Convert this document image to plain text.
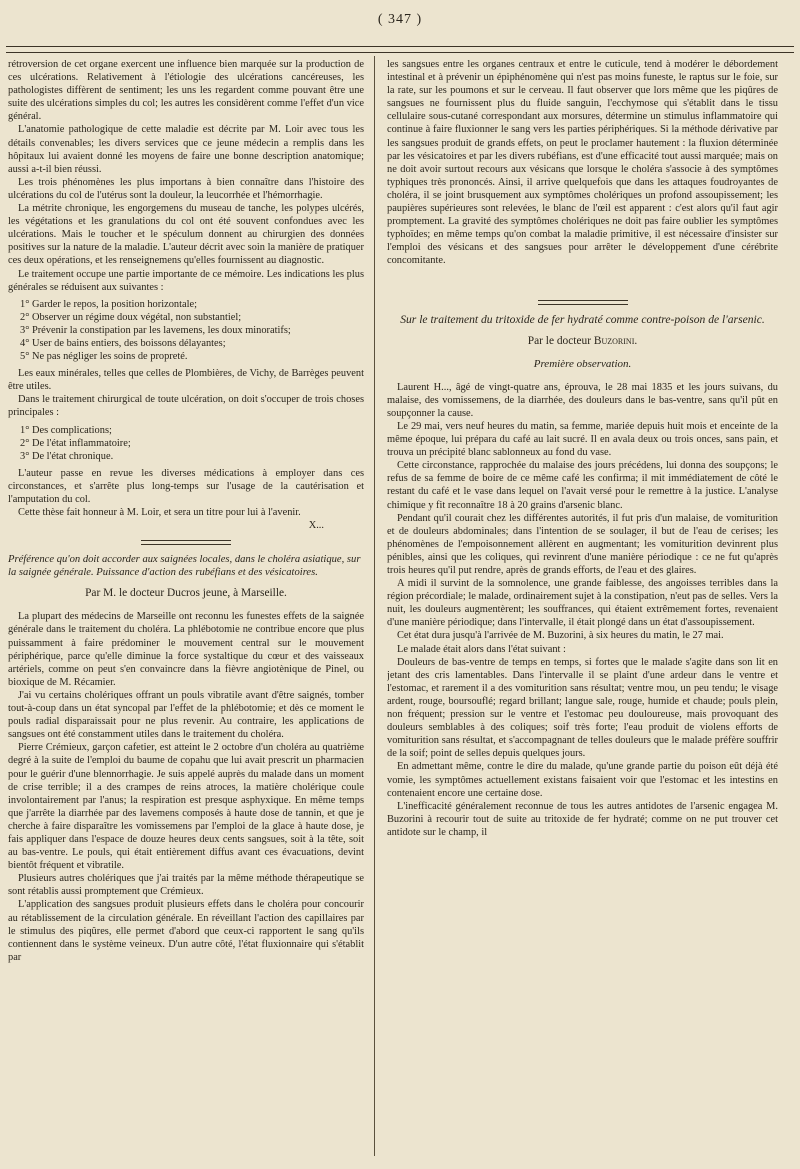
( 347 )

rétroversion de cet organe exercent une influence bien marquée sur la production de ces ulcérations. Relativement à l'étiologie des ulcérations cancéreuses, les pathologistes diffèrent de sentiment; les uns les regardent comme pouvant être une suite des ulcérations simples du col; les autres les considèrent comme l'effet d'un vice général.

L'anatomie pathologique de cette maladie est décrite par M. Loir avec tous les détails convenables; les divers services que ce jeune médecin a remplis dans les hôpitaux lui avaient donné les moyens de faire une bonne description anatomique; aussi a-t-il bien réussi.

Les trois phénomènes les plus importans à bien connaître dans l'histoire des ulcérations du col de l'utérus sont la douleur, la leucorrhée et l'hémorrhagie.

La métrite chronique, les engorgemens du museau de tanche, les polypes ulcérés, les végétations et les granulations du col ont été souvent confondues avec les ulcérations. Mais le toucher et le spéculum donnent au chirurgien des données positives sur la nature de la maladie. L'auteur décrit avec soin la manière de pratiquer ces deux opérations, et les renseignemens qu'elles fournissent au diagnostic.

Le traitement occupe une partie importante de ce mémoire. Les indications les plus générales se réduisent aux suivantes :

1° Garder le repos, la position horizontale;
2° Observer un régime doux végétal, non substantiel;
3° Prévenir la constipation par les lavemens, les doux minoratifs;
4° User de bains entiers, des boissons délayantes;
5° Ne pas négliger les soins de propreté.

Les eaux minérales, telles que celles de Plombières, de Vichy, de Barrèges peuvent être utiles.

Dans le traitement chirurgical de toute ulcération, on doit s'occuper de trois choses principales :

1° Des complications;
2° De l'état inflammatoire;
3° De l'état chronique.

L'auteur passe en revue les diverses médications à employer dans ces circonstances, et s'arrête plus long-temps sur l'usage de la cautérisation et l'amputation du col.

Cette thèse fait honneur à M. Loir, et sera un titre pour lui à l'avenir.

X...
Préférence qu'on doit accorder aux saignées locales, dans le choléra asiatique, sur la saignée générale. Puissance d'action des rubéfians et des vésicatoires.
Par M. le docteur Ducros jeune, à Marseille.

La plupart des médecins de Marseille ont reconnu les funestes effets de la saignée générale dans le traitement du choléra. La phlébotomie ne contribue encore que plus puissamment à faire prédominer le mouvement central sur le mouvement périphérique, parce qu'elle diminue la force systaltique du cœur et des vaisseaux artériels, comme on peut s'en convaincre dans la fièvre angiotènique de Pinel, ou bioxique de M. Récamier.

J'ai vu certains cholériques offrant un pouls vibratile avant d'être saignés, tomber tout-à-coup dans un état syncopal par l'effet de la phlébotomie; et dès ce moment le pouls radial disparaissait pour ne plus revenir. Au contraire, les applications de sangsues ont été constamment utiles dans le traitement du choléra.

Pierre Crémieux, garçon cafetier, est atteint le 2 octobre d'un choléra au quatrième degré à la suite de l'emploi du baume de copahu que lui avait prescrit un pharmacien pour le guérir d'une blennorrhagie. Je suis appelé auprès du malade dans un moment de crise terrible; il a des crampes de reins atroces, la matière cholérique coule involontairement par l'anus; la respiration est presque asphyxique. En même temps que j'arrête la diarrhée par des lavemens composés à haute dose de tannin, et que je cherche à faire disparaître les vomissemens par l'emploi de la glace à haute dose, je fais appliquer dans l'espace de douze heures deux cents sangsues, soit à la tête, soit au bas-ventre. Le pouls, qui était entièrement diffus avant ces évacuations, devint bientôt fréquent et vibratile.

Plusieurs autres cholériques que j'ai traités par la même méthode thérapeutique se sont rétablis aussi promptement que Crémieux.

L'application des sangsues produit plusieurs effets dans le choléra pour concourir au rétablissement de la circulation générale. En réveillant l'action des capillaires par le stimulus des piqûres, elle permet d'abord que ceux-ci rapportent le sang qu'ils contiennent dans le système veineux. D'un autre côté, l'état fluxionnaire qui s'établit par

les sangsues entre les organes centraux et entre le cuticule, tend à modérer le débordement intestinal et à prévenir un épiphénomène qui n'est pas moins funeste, le raptus sur le foie, sur la rate, sur les poumons et sur le cerveau. Il faut observer que lors même que les piqûres de sangsues ne fournissent plus du fluide sanguin, l'ecchymose qui s'établit dans le tissu cellulaire sous-cutané correspondant aux morsures, détermine un stimulus inflammatoire qui continue à faire fluxionner le sang vers les parties périphériques. Si la méthode dérivative par les sangsues produit de grands effets, on peut le proclamer hautement : la fluxion déterminée par les vésicatoires et par les divers rubéfians, est d'une efficacité tout aussi marquée; mais on ne doit avoir surtout recours aux vésicans que lorsque le choléra s'associe à des symptômes typhiques très prononcés. Ainsi, il arrive quelquefois que dans les attaques foudroyantes de choléra, il se joint brusquement aux symptômes cholériques un profond assoupissement; les paupières supérieures sont relevées, le blanc de l'œil est apparent : c'est alors qu'il faut agir promptement. La gravité des symptômes cholériques ne doit pas faire oublier les symptômes typhoïdes; en même temps qu'on combat la maladie primitive, il est nécessaire d'insister sur l'emploi des vésicans et des sangsues pour arrêter le développement d'une cérébrite concomitante.

Sur le traitement du tritoxide de fer hydraté comme contre-poison de l'arsenic.
Par le docteur Buzorini.
Première observation.

Laurent H..., âgé de vingt-quatre ans, éprouva, le 28 mai 1835 et les jours suivans, du malaise, des vomissemens, de la diarrhée, des douleurs dans le bas-ventre, sans qu'il pût en soupçonner la cause.

Le 29 mai, vers neuf heures du matin, sa femme, mariée depuis huit mois et enceinte de la même époque, lui prépara du café au lait sucré. Il en avala deux ou trois onces, sans pain, et trouva un précipité blanc sablonneux au fond du vase.

Cette circonstance, rapprochée du malaise des jours précédens, lui donna des soupçons; le refus de sa femme de boire de ce même café les confirma; il mit immédiatement de côté le restant du café et le vase dans lequel on l'avait versé pour le remettre à la justice. L'analyse chimique y fit reconnaître 18 à 20 grains d'arsenic blanc.

Pendant qu'il courait chez les différentes autorités, il fut pris d'un malaise, de vomiturition et de douleurs abdominales; dans l'intention de se soulager, il but de l'eau de cerises; les phénomènes de l'empoisonnement allèrent en augmentant; les vomiturition devinrent plus pénibles, ainsi que les coliques, qui revinrent d'une manière périodique : ce ne fut qu'après trois heures qu'il put rendre, après de grands efforts, de l'eau et des glaires.

A midi il survint de la somnolence, une grande faiblesse, des angoisses terribles dans la région précordiale; le malade, ordinairement sujet à la constipation, n'eut pas de selles. Vers la nuit, les douleurs augmentèrent; les souffrances, qui étaient extrêmement fortes, revenaient d'une manière périodique; dans l'intervalle, il était plongé dans un état d'assoupissement.

Cet état dura jusqu'à l'arrivée de M. Buzorini, à six heures du matin, le 27 mai.

Le malade était alors dans l'état suivant :

Douleurs de bas-ventre de temps en temps, si fortes que le malade s'agite dans son lit en jetant des cris lamentables. Dans l'intervalle il se plaint d'une ardeur dans le ventre et l'estomac, et rarement il a des vomiturition sans résultat; ventre mou, un peu tendu; le visage ardent, rouge, boursouflé; regard brillant; langue sale, rouge, humide et chaude; pouls plein, non fréquent; pression sur le ventre et l'estomac peu douloureuse, mais provoquant des douleurs semblables à des coliques; soif très forte; l'eau produit de violens efforts de vomiturition sans résultat, et s'accompagnant de telles douleurs que le malade préfère souffrir de la soif; point de selles depuis quelques jours.

En admettant même, contre le dire du malade, qu'une grande partie du poison eût déjà été vomie, les symptômes actuellement existans faisaient voir que l'estomac et les intestins en contenaient encore une certaine dose.

L'inefficacité généralement reconnue de tous les autres antidotes de l'arsenic engagea M. Buzorini à recourir tout de suite au tritoxide de fer hydraté; comme on ne put trouver cet antidote sur le champ, il
